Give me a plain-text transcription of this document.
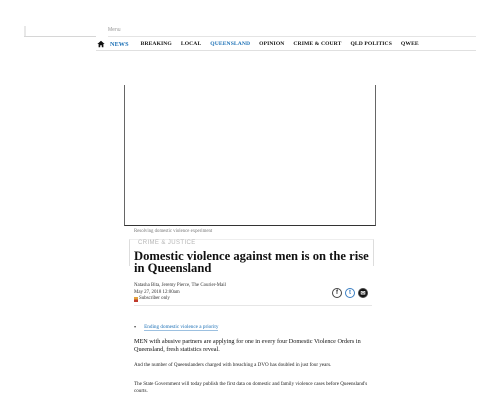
Menu
NEWS BREAKING LOCAL QUEENSLAND OPINION CRIME & COURT QLD POLITICS QWEE
Resolving domestic violence experiment
CRIME & JUSTICE
Domestic violence against men is on the rise in Queensland
Natasha Bita, Jeremy Pierce, The Courier-Mail
May 27, 2018 12:00am
Subscriber only
f	t	✉
• Ending domestic violence a priority

MEN with abusive partners are applying for one in every four Domestic Violence Orders in Queensland, fresh statistics reveal.

And the number of Queenslanders charged with breaching a DVO has doubled in just four years.

The State Government will today publish the first data on domestic and family violence cases before Queensland's courts.
